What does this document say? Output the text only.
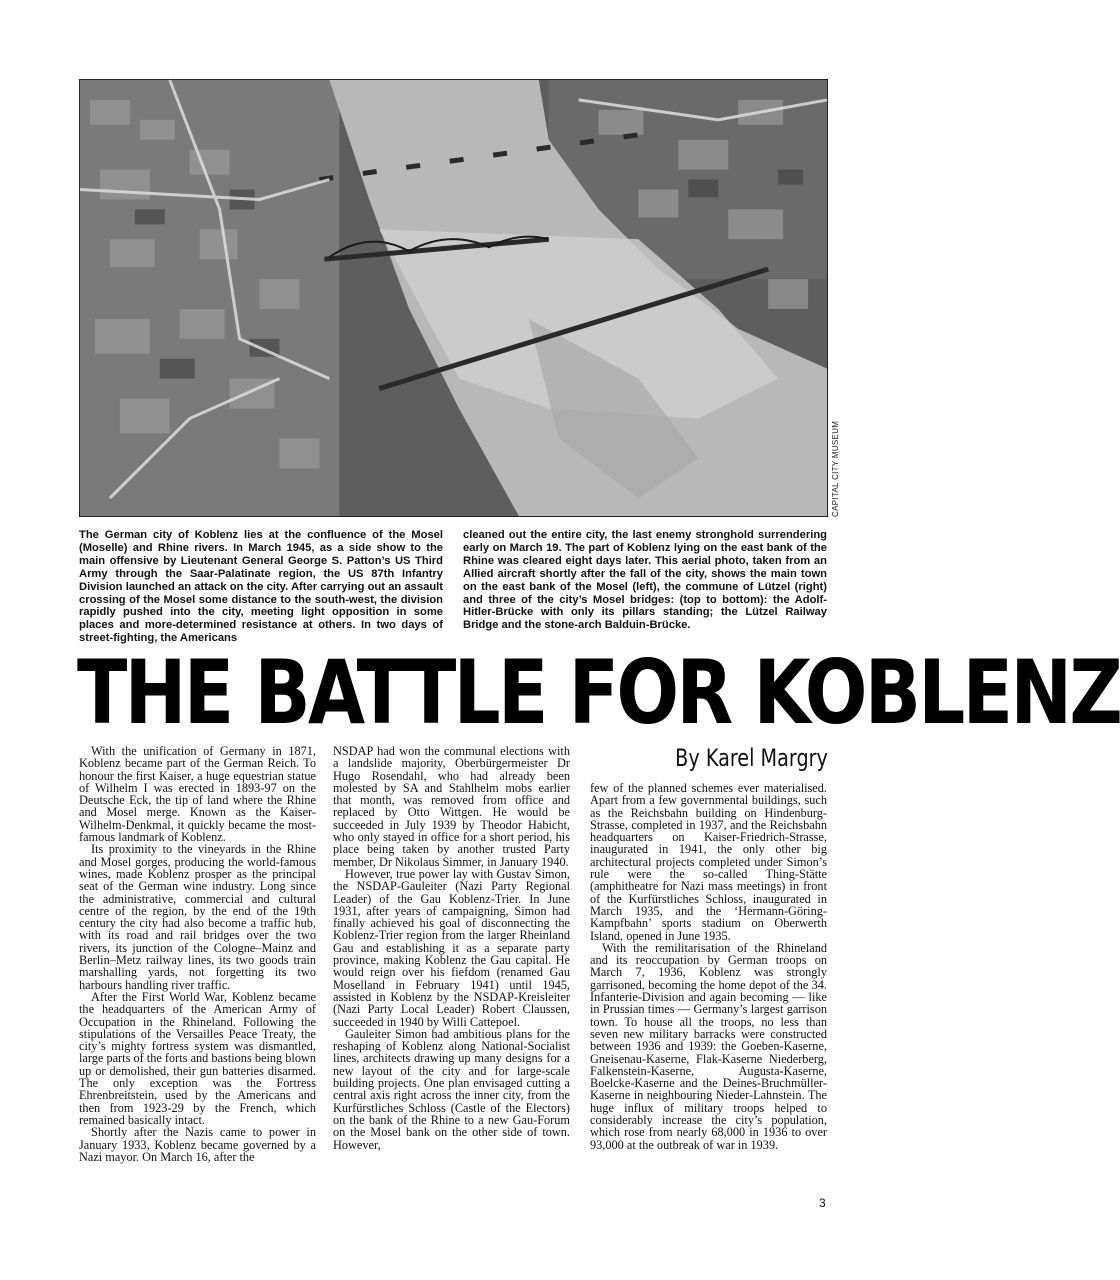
CAPITAL CITY MUSEUM
The German city of Koblenz lies at the confluence of the Mosel (Moselle) and Rhine rivers. In March 1945, as a side show to the main offensive by Lieutenant General George S. Patton’s US Third Army through the Saar-Palatinate region, the US 87th Infantry Division launched an attack on the city. After carrying out an assault crossing of the Mosel some distance to the south-west, the division rapidly pushed into the city, meeting light opposition in some places and more-determined resistance at others. In two days of street-fighting, the Americans
cleaned out the entire city, the last enemy stronghold surrendering early on March 19. The part of Koblenz lying on the east bank of the Rhine was cleared eight days later. This aerial photo, taken from an Allied aircraft shortly after the fall of the city, shows the main town on the east bank of the Mosel (left), the commune of Lützel (right) and three of the city’s Mosel bridges: (top to bottom): the Adolf-Hitler-Brücke with only its pillars standing; the Lützel Railway Bridge and the stone-arch Balduin-Brücke.
THE BATTLE FOR KOBLENZ
By Karel Margry

With the unification of Germany in 1871, Koblenz became part of the German Reich. To honour the first Kaiser, a huge equestrian statue of Wilhelm I was erected in 1893-97 on the Deutsche Eck, the tip of land where the Rhine and Mosel merge. Known as the Kaiser-Wilhelm-Denkmal, it quickly became the most-famous landmark of Koblenz.

Its proximity to the vineyards in the Rhine and Mosel gorges, producing the world-famous wines, made Koblenz prosper as the principal seat of the German wine industry. Long since the administrative, commercial and cultural centre of the region, by the end of the 19th century the city had also become a traffic hub, with its road and rail bridges over the two rivers, its junction of the Cologne–Mainz and Berlin–Metz railway lines, its two goods train marshalling yards, not forgetting its two harbours handling river traffic.

After the First World War, Koblenz became the headquarters of the American Army of Occupation in the Rhineland. Following the stipulations of the Versailles Peace Treaty, the city’s mighty fortress system was dismantled, large parts of the forts and bastions being blown up or demolished, their gun batteries disarmed. The only exception was the Fortress Ehrenbreitstein, used by the Americans and then from 1923-29 by the French, which remained basically intact.

Shortly after the Nazis came to power in January 1933, Koblenz became governed by a Nazi mayor. On March 16, after the

NSDAP had won the communal elections with a landslide majority, Oberbürgermeister Dr Hugo Rosendahl, who had already been molested by SA and Stahlhelm mobs earlier that month, was removed from office and replaced by Otto Wittgen. He would be succeeded in July 1939 by Theodor Habicht, who only stayed in office for a short period, his place being taken by another trusted Party member, Dr Nikolaus Simmer, in January 1940.

However, true power lay with Gustav Simon, the NSDAP-Gauleiter (Nazi Party Regional Leader) of the Gau Koblenz-Trier. In June 1931, after years of campaigning, Simon had finally achieved his goal of disconnecting the Koblenz-Trier region from the larger Rheinland Gau and establishing it as a separate party province, making Koblenz the Gau capital. He would reign over his fiefdom (renamed Gau Moselland in February 1941) until 1945, assisted in Koblenz by the NSDAP-Kreisleiter (Nazi Party Local Leader) Robert Claussen, succeeded in 1940 by Willi Cattepoel.

Gauleiter Simon had ambitious plans for the reshaping of Koblenz along National-Socialist lines, architects drawing up many designs for a new layout of the city and for large-scale building projects. One plan envisaged cutting a central axis right across the inner city, from the Kurfürstliches Schloss (Castle of the Electors) on the bank of the Rhine to a new Gau-Forum on the Mosel bank on the other side of town. However,

few of the planned schemes ever materialised. Apart from a few governmental buildings, such as the Reichsbahn building on Hindenburg-Strasse, completed in 1937, and the Reichsbahn headquarters on Kaiser-Friedrich-Strasse, inaugurated in 1941, the only other big architectural projects completed under Simon’s rule were the so-called Thing-Stätte (amphitheatre for Nazi mass meetings) in front of the Kurfürstliches Schloss, inaugurated in March 1935, and the ‘Hermann-Göring-Kampfbahn’ sports stadium on Oberwerth Island, opened in June 1935.

With the remilitarisation of the Rhineland and its reoccupation by German troops on March 7, 1936, Koblenz was strongly garrisoned, becoming the home depot of the 34. Infanterie-Division and again becoming — like in Prussian times — Germany’s largest garrison town. To house all the troops, no less than seven new military barracks were constructed between 1936 and 1939: the Goeben-Kaserne, Gneisenau-Kaserne, Flak-Kaserne Niederberg, Falkenstein-Kaserne, Augusta-Kaserne, Boelcke-Kaserne and the Deines-Bruchmüller-Kaserne in neighbouring Nieder-Lahnstein. The huge influx of military troops helped to considerably increase the city’s population, which rose from nearly 68,000 in 1936 to over 93,000 at the outbreak of war in 1939.

3
